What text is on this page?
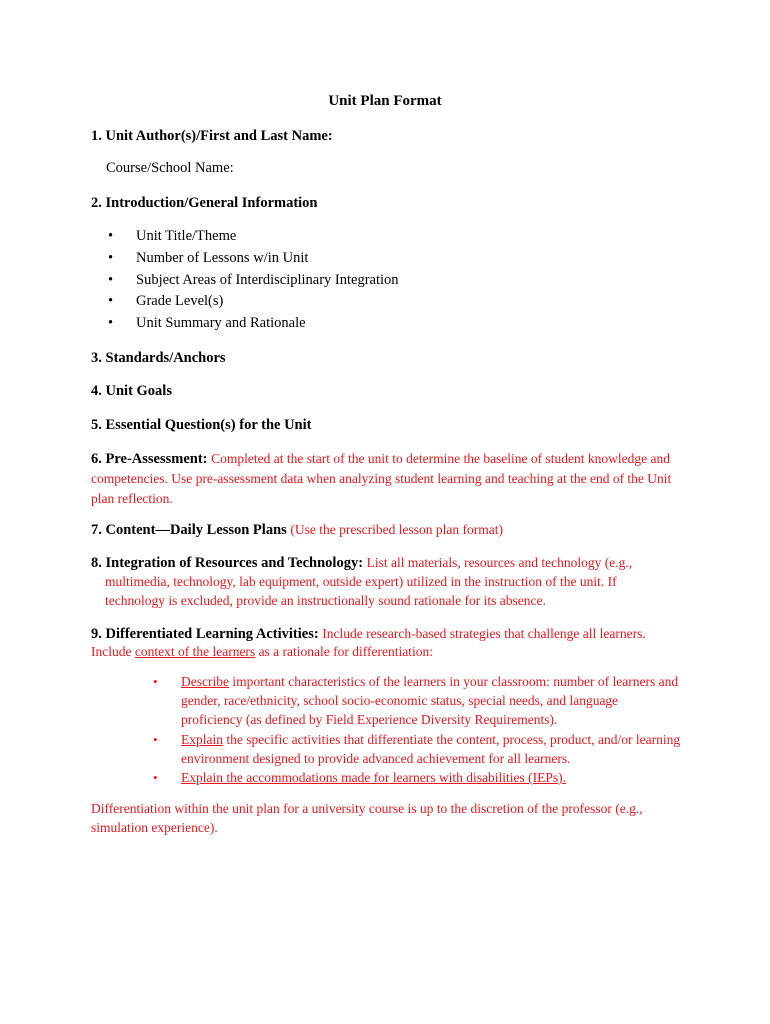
Unit Plan Format
1. Unit Author(s)/First and Last Name:
Course/School Name:
2. Introduction/General Information
•	Unit Title/Theme
•	Number of Lessons w/in Unit
•	Subject Areas of Interdisciplinary Integration
•	Grade Level(s)
•	Unit Summary and Rationale
3. Standards/Anchors
4. Unit Goals
5. Essential Question(s) for the Unit
6. Pre-Assessment: Completed at the start of the unit to determine the baseline of student knowledge and competencies. Use pre-assessment data when analyzing student learning and teaching at the end of the Unit plan reflection.
7. Content—Daily Lesson Plans (Use the prescribed lesson plan format)
8. Integration of Resources and Technology: List all materials, resources and technology (e.g.,
multimedia, technology, lab equipment, outside expert) utilized in the instruction of the unit. If
technology is excluded, provide an instructionally sound rationale for its absence.
9. Differentiated Learning Activities: Include research-based strategies that challenge all learners.
Include context of the learners as a rationale for differentiation:
• Describe important characteristics of the learners in your classroom: number of learners and gender, race/ethnicity, school socio-economic status, special needs, and language proficiency (as defined by Field Experience Diversity Requirements).
• Explain the specific activities that differentiate the content, process, product, and/or learning environment designed to provide advanced achievement for all learners.
• Explain the accommodations made for learners with disabilities (IEPs).
Differentiation within the unit plan for a university course is up to the discretion of the professor (e.g., simulation experience).
